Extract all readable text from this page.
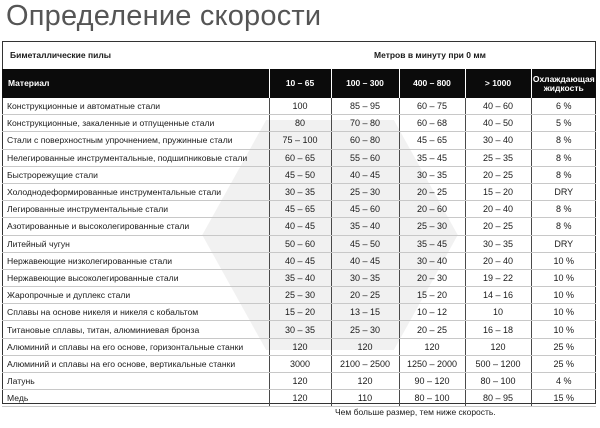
Определение скорости
Биметаллические пилы	Метров в минуту при 0 мм
Материал	10 – 65	100 – 300	400 – 800	> 1000	Охлаждающая жидкость
Конструкционные и автоматные стали	100	85 – 95	60 – 75	40 – 60	6 %
Конструкционные, закаленные и отпущенные стали	80	70 – 80	60 – 68	40 – 50	5 %
Стали с поверхностным упрочнением, пружинные стали	75 – 100	60 – 80	45 – 65	30 – 40	8 %
Нелегированные инструментальные, подшипниковые стали	60 – 65	55 – 60	35 – 45	25 – 35	8 %
Быстрорежущие стали	45 – 50	40 – 45	30 – 35	20 – 25	8 %
Холоднодеформированные инструментальные стали	30 – 35	25 – 30	20 – 25	15 – 20	DRY
Легированные инструментальные стали	45 – 65	45 – 60	20 – 60	20 – 40	8 %
Азотированные и высоколегированные стали	40 – 45	35 – 40	25 – 30	20 – 25	8 %
Литейный чугун	50 – 60	45 – 50	35 – 45	30 – 35	DRY
Нержавеющие низколегированные стали	40 – 45	40 – 45	30 – 40	20 – 40	10 %
Нержавеющие высоколегированные стали	35 – 40	30 – 35	20 – 30	19 – 22	10 %
Жаропрочные и дуплекс стали	25 – 30	20 – 25	15 – 20	14 – 16	10 %
Сплавы на основе никеля и никеля с кобальтом	15 – 20	13 – 15	10 – 12	10	10 %
Титановые сплавы, титан, алюминиевая бронза	30 – 35	25 – 30	20 – 25	16 – 18	10 %
Алюминий и сплавы на его основе, горизонтальные станки	120	120	120	120	25 %
Алюминий и сплавы на его основе, вертикальные станки	3000	2100 – 2500	1250 – 2000	500 – 1200	25 %
Латунь	120	120	90 – 120	80 – 100	4 %
Медь	120	110	80 – 100	80 – 95	15 %
Чем больше размер, тем ниже скорость.
